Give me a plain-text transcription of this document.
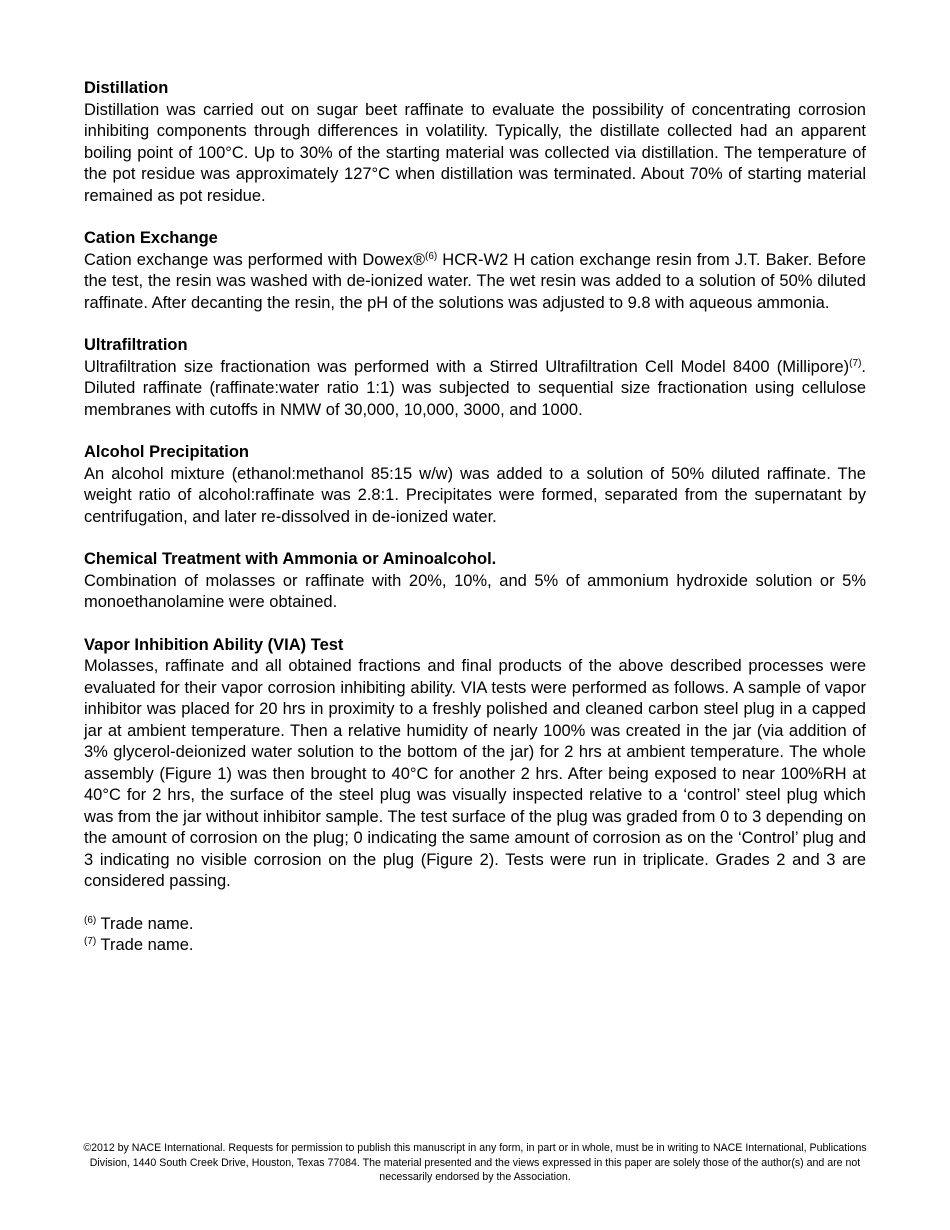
Distillation

Distillation was carried out on sugar beet raffinate to evaluate the possibility of concentrating corrosion inhibiting components through differences in volatility. Typically, the distillate collected had an apparent boiling point of 100°C. Up to 30% of the starting material was collected via distillation. The temperature of the pot residue was approximately 127°C when distillation was terminated. About 70% of starting material remained as pot residue.

Cation Exchange

Cation exchange was performed with Dowex®$^{(6)}$ HCR-W2 H cation exchange resin from J.T. Baker. Before the test, the resin was washed with de-ionized water. The wet resin was added to a solution of 50% diluted raffinate. After decanting the resin, the pH of the solutions was adjusted to 9.8 with aqueous ammonia.

Ultrafiltration

Ultrafiltration size fractionation was performed with a Stirred Ultrafiltration Cell Model 8400 (Millipore)$^{(7)}$. Diluted raffinate (raffinate:water ratio 1:1) was subjected to sequential size fractionation using cellulose membranes with cutoffs in NMW of 30,000, 10,000, 3000, and 1000.

Alcohol Precipitation

An alcohol mixture (ethanol:methanol 85:15 w/w) was added to a solution of 50% diluted raffinate. The weight ratio of alcohol:raffinate was 2.8:1. Precipitates were formed, separated from the supernatant by centrifugation, and later re-dissolved in de-ionized water.

Chemical Treatment with Ammonia or Aminoalcohol.

Combination of molasses or raffinate with 20%, 10%, and 5% of ammonium hydroxide solution or 5% monoethanolamine were obtained.

Vapor Inhibition Ability (VIA) Test

Molasses, raffinate and all obtained fractions and final products of the above described processes were evaluated for their vapor corrosion inhibiting ability. VIA tests were performed as follows. A sample of vapor inhibitor was placed for 20 hrs in proximity to a freshly polished and cleaned carbon steel plug in a capped jar at ambient temperature. Then a relative humidity of nearly 100% was created in the jar (via addition of 3% glycerol-deionized water solution to the bottom of the jar) for 2 hrs at ambient temperature. The whole assembly (Figure 1) was then brought to 40°C for another 2 hrs. After being exposed to near 100%RH at 40°C for 2 hrs, the surface of the steel plug was visually inspected relative to a ‘control’ steel plug which was from the jar without inhibitor sample. The test surface of the plug was graded from 0 to 3 depending on the amount of corrosion on the plug; 0 indicating the same amount of corrosion as on the ‘Control’ plug and 3 indicating no visible corrosion on the plug (Figure 2). Tests were run in triplicate. Grades 2 and 3 are considered passing.

$^{(6)}$ Trade name.
$^{(7)}$ Trade name.
©2012 by NACE International. Requests for permission to publish this manuscript in any form, in part or in whole, must be in writing to NACE International, Publications Division, 1440 South Creek Drive, Houston, Texas 77084. The material presented and the views expressed in this paper are solely those of the author(s) and are not necessarily endorsed by the Association.
